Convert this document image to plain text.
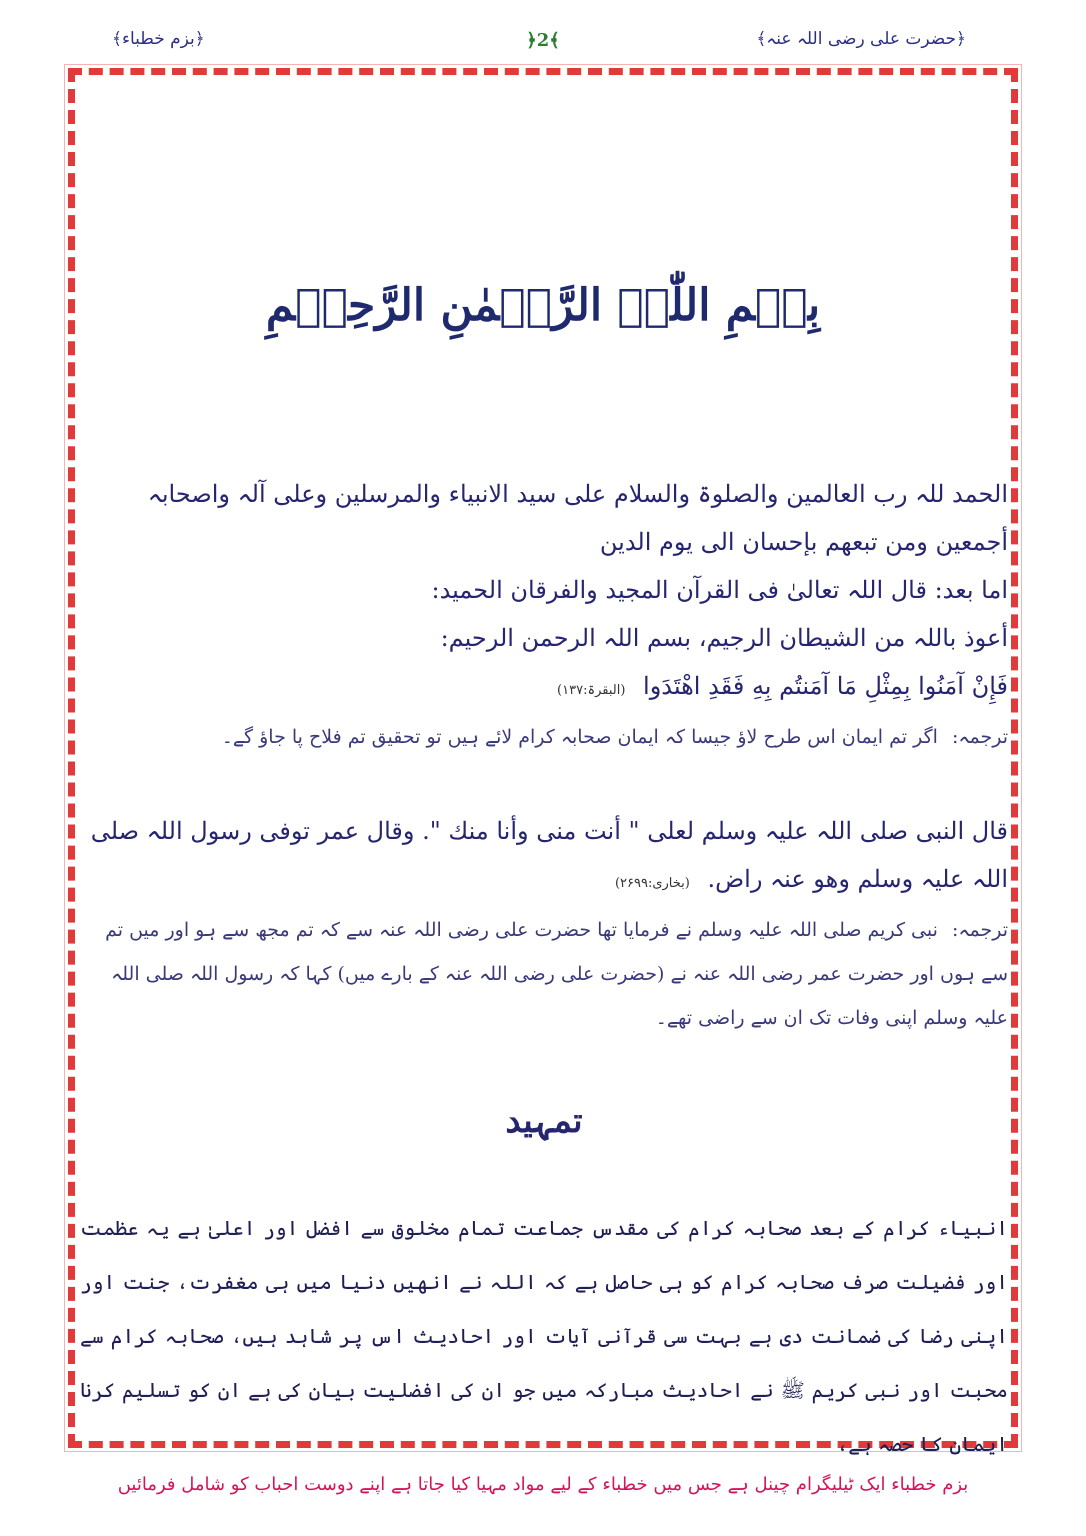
﴿حضرت علی رضی اللہ عنہ﴾
﴿2﴾
﴿بزم خطباء﴾
بِسۡمِ اللّٰہِ الرَّحۡمٰنِ الرَّحِیۡمِ

الحمد للہ رب العالمین والصلوۃ والسلام علی سید الانبیاء والمرسلین وعلی آلہ واصحابہ أجمعین ومن تبعھم بإحسان الی یوم الدین

اما بعد: قال اللہ تعالیٰ فی القرآن المجید والفرقان الحمید:

أعوذ باللہ من الشیطان الرجیم، بسم اللہ الرحمن الرحیم:

فَإِنْ آمَنُوا بِمِثْلِ مَا آمَنتُم بِهِ فَقَدِ اهْتَدَوا (البقرۃ:۱۳۷)

ترجمہ: اگر تم ایمان اس طرح لاؤ جیسا کہ ایمان صحابہ کرام لائے ہیں تو تحقیق تم فلاح پا جاؤ گے۔

قال النبی صلی اللہ علیہ وسلم لعلی " أنت منی وأنا منك ". وقال عمر توفی رسول اللہ صلی اللہ علیہ وسلم وھو عنہ راض. (بخاری:۲۶۹۹)

ترجمہ: نبی کریم صلی اللہ علیہ وسلم نے فرمایا تھا حضرت علی رضی اللہ عنہ سے کہ تم مجھ سے ہو اور میں تم سے ہوں اور حضرت عمر رضی اللہ عنہ نے (حضرت علی رضی اللہ عنہ کے بارے میں) کہا کہ رسول اللہ صلی اللہ علیہ وسلم اپنی وفات تک ان سے راضی تھے۔

تمہید

انبیاء کرام کے بعد صحابہ کرام کی مقدس جماعت تمام مخلوق سے افضل اور اعلیٰ ہے یہ عظمت اور فضیلت صرف صحابہ کرام کو ہی حاصل ہے کہ اللہ نے انھیں دنیا میں ہی مغفرت، جنت اور اپنی رضا کی ضمانت دی ہے بہت سی قرآنی آیات اور احادیث اس پر شاہد ہیں، صحابہ کرام سے محبت اور نبی کریم ﷺ نے احادیث مبارکہ میں جو ان کی افضلیت بیان کی ہے ان کو تسلیم کرنا ایمان کا حصہ ہے،

بزم خطباء ایک ٹیلیگرام چینل ہے جس میں خطباء کے لیے مواد مہیا کیا جاتا ہے اپنے دوست احباب کو شامل فرمائیں
